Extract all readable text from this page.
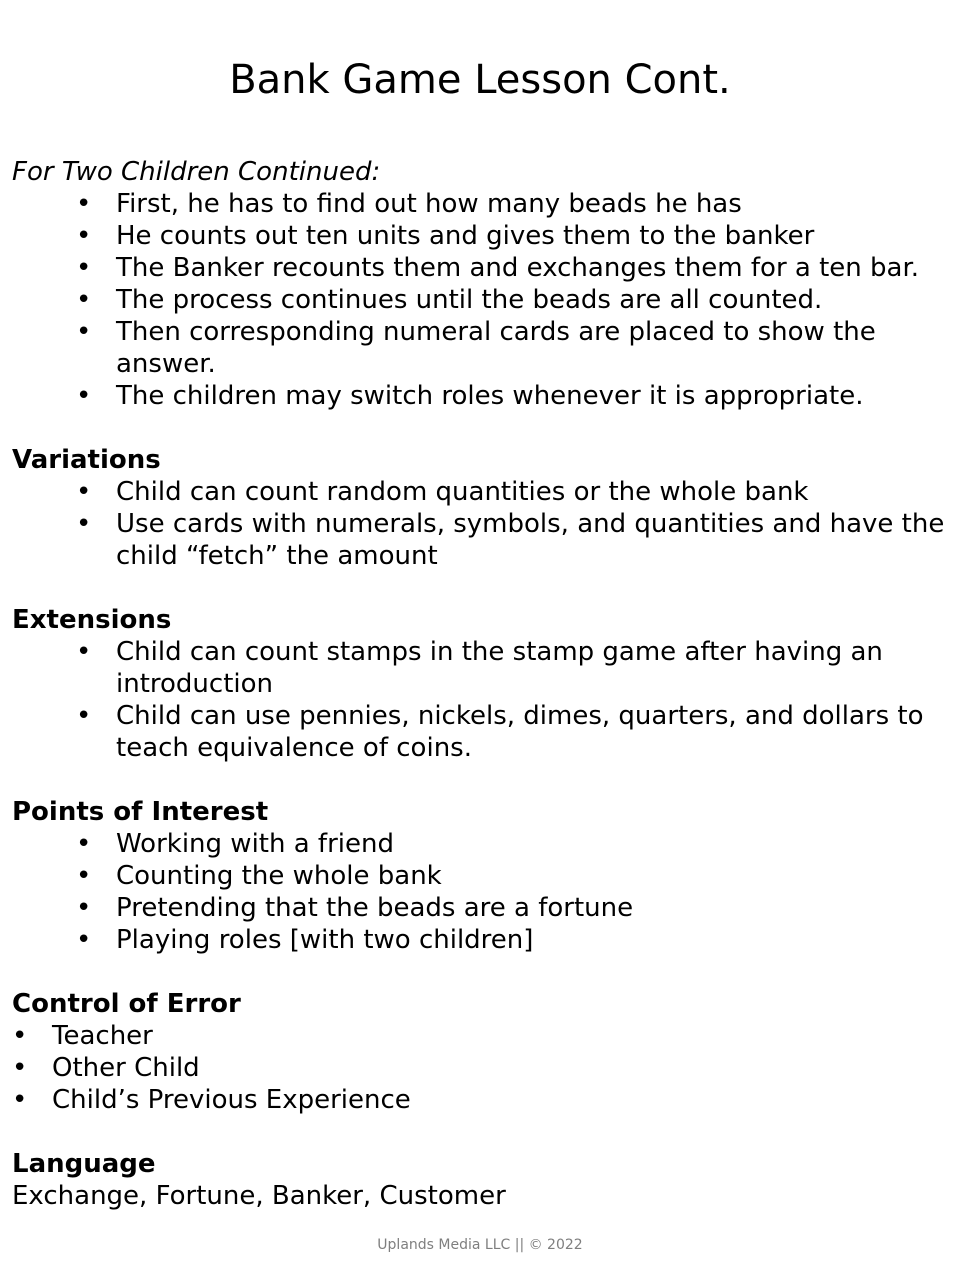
Bank Game Lesson Cont.

For Two Children Continued:

• First, he has to find out how many beads he has
• He counts out ten units and gives them to the banker
• The Banker recounts them and exchanges them for a ten bar.
• The process continues until the beads are all counted.
• Then corresponding numeral cards are placed to show the answer.
• The children may switch roles whenever it is appropriate.

Variations

• Child can count random quantities or the whole bank
• Use cards with numerals, symbols, and quantities and have the child “fetch” the amount

Extensions

• Child can count stamps in the stamp game after having an introduction
• Child can use pennies, nickels, dimes, quarters, and dollars to teach equivalence of coins.

Points of Interest

• Working with a friend
• Counting the whole bank
• Pretending that the beads are a fortune
• Playing roles [with two children]

Control of Error

• Teacher
• Other Child
• Child’s Previous Experience

Language

Exchange, Fortune, Banker, Customer

Uplands Media LLC || © 2022
